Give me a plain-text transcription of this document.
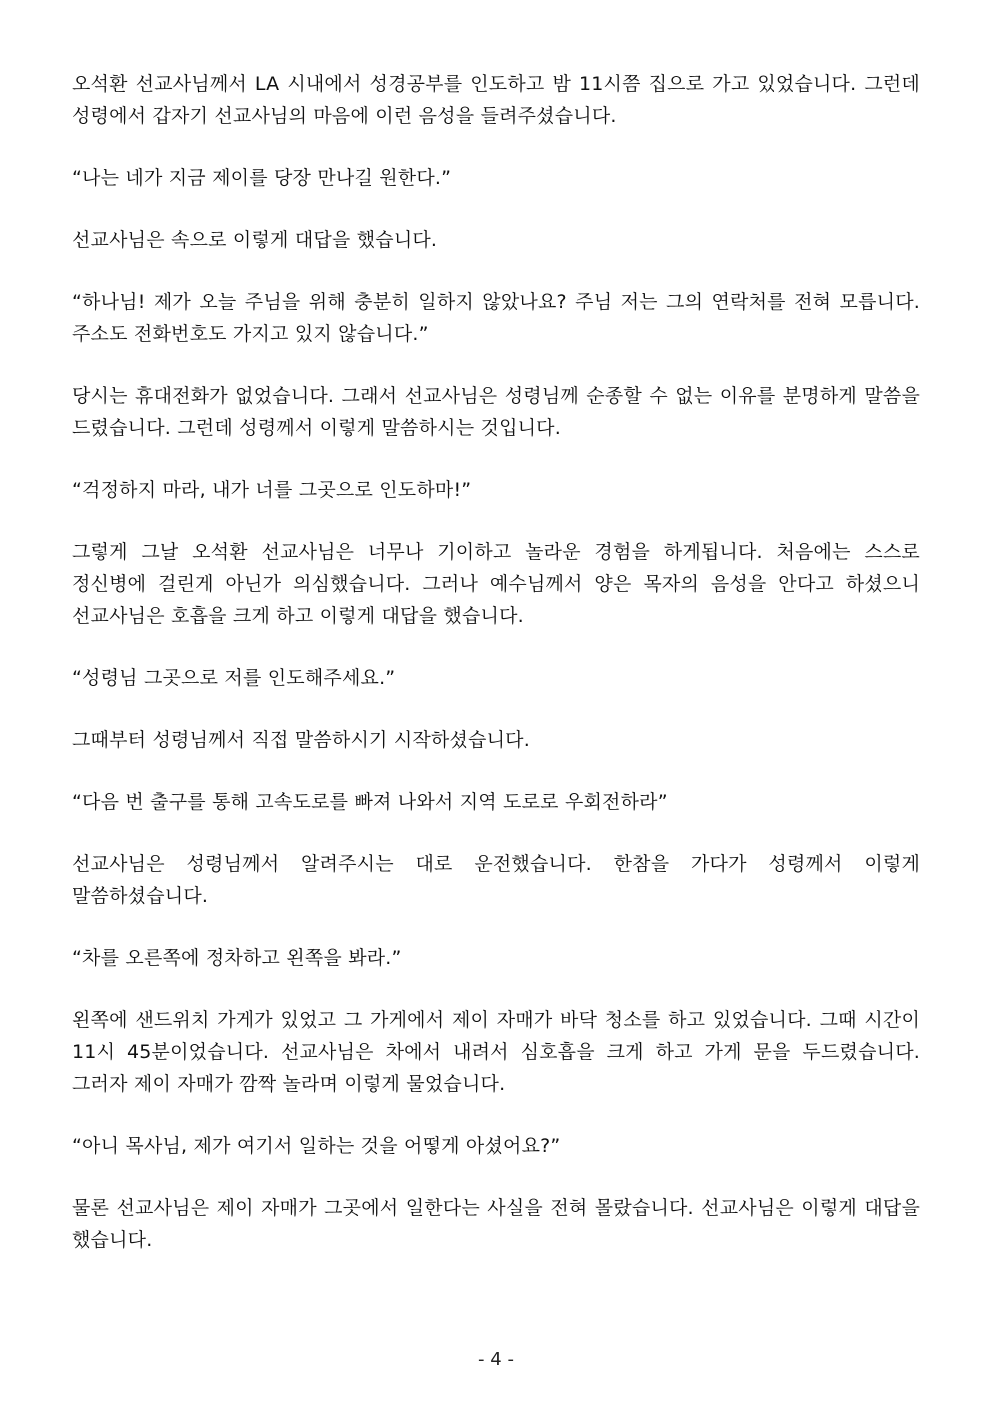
오석환 선교사님께서 LA 시내에서 성경공부를 인도하고 밤 11시쯤 집으로 가고 있었습니다. 그런데 성령에서 갑자기 선교사님의 마음에 이런 음성을 들려주셨습니다.

“나는 네가 지금 제이를 당장 만나길 원한다.”

선교사님은 속으로 이렇게 대답을 했습니다.

“하나님! 제가 오늘 주님을 위해 충분히 일하지 않았나요? 주님 저는 그의 연락처를 전혀 모릅니다. 주소도 전화번호도 가지고 있지 않습니다.”

당시는 휴대전화가 없었습니다. 그래서 선교사님은 성령님께 순종할 수 없는 이유를 분명하게 말씀을 드렸습니다. 그런데 성령께서 이렇게 말씀하시는 것입니다.

“걱정하지 마라, 내가 너를 그곳으로 인도하마!”

그렇게 그날 오석환 선교사님은 너무나 기이하고 놀라운 경험을 하게됩니다. 처음에는 스스로 정신병에 걸린게 아닌가 의심했습니다. 그러나 예수님께서 양은 목자의 음성을 안다고 하셨으니 선교사님은 호흡을 크게 하고 이렇게 대답을 했습니다.

“성령님 그곳으로 저를 인도해주세요.”

그때부터 성령님께서 직접 말씀하시기 시작하셨습니다.

“다음 번 출구를 통해 고속도로를 빠져 나와서 지역 도로로 우회전하라”

선교사님은 성령님께서 알려주시는 대로 운전했습니다. 한참을 가다가 성령께서 이렇게 말씀하셨습니다.

“차를 오른쪽에 정차하고 왼쪽을 봐라.”

왼쪽에 샌드위치 가게가 있었고 그 가게에서 제이 자매가 바닥 청소를 하고 있었습니다. 그때 시간이 11시 45분이었습니다. 선교사님은 차에서 내려서 심호흡을 크게 하고 가게 문을 두드렸습니다. 그러자 제이 자매가 깜짝 놀라며 이렇게 물었습니다.

“아니 목사님, 제가 여기서 일하는 것을 어떻게 아셨어요?”

물론 선교사님은 제이 자매가 그곳에서 일한다는 사실을 전혀 몰랐습니다. 선교사님은 이렇게 대답을 했습니다.

- 4 -
